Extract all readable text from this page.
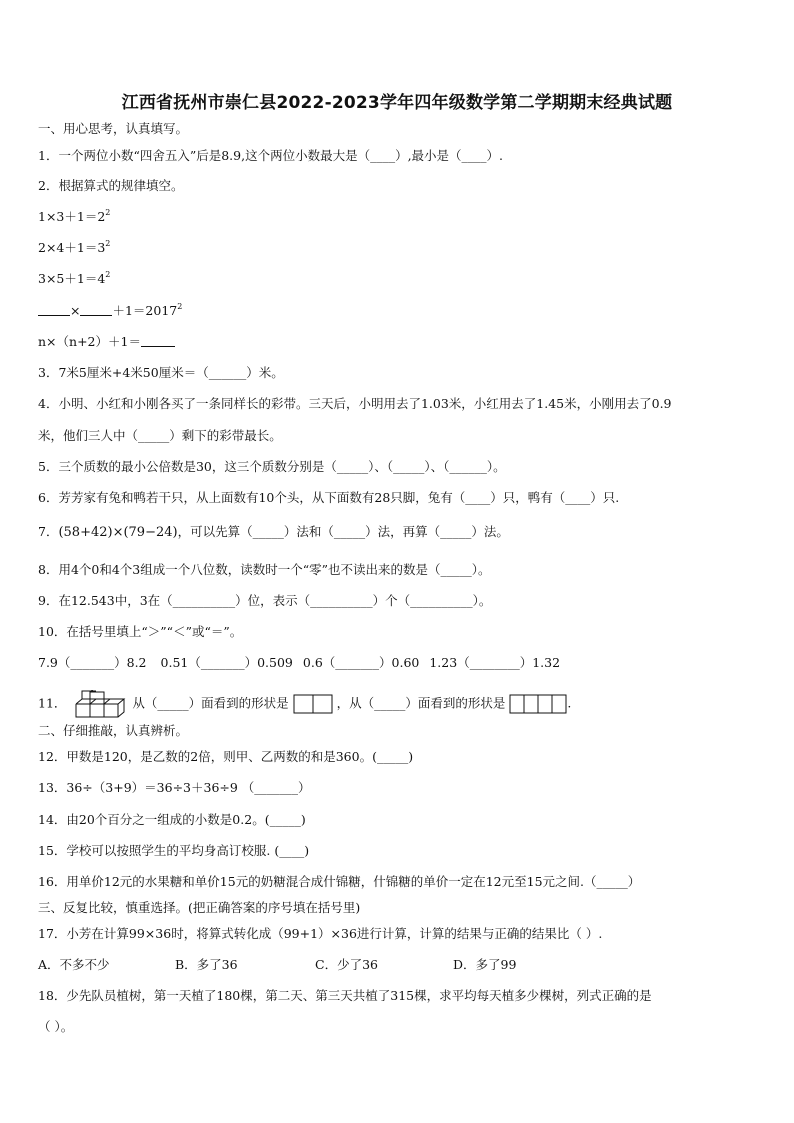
江西省抚州市崇仁县2022-2023学年四年级数学第二学期期末经典试题
一、用心思考，认真填写。
1．一个两位小数“四舍五入”后是8.9,这个两位小数最大是（____）,最小是（____）.
2．根据算式的规律填空。
$1\times 3+1=2^2$
$2\times 4+1=3^2$
$3\times 5+1=4^2$
×	$+1=2017^2$
n×（n+2）＋1＝
3．7米5厘米+4米50厘米＝（______）米。
4．小明、小红和小刚各买了一条同样长的彩带。三天后，小明用去了1.03米，小红用去了1.45米，小刚用去了0.9
米，他们三人中（_____）剩下的彩带最长。
5．三个质数的最小公倍数是30，这三个质数分别是（_____）、（_____）、（______）。
6．芳芳家有兔和鸭若干只，从上面数有10个头，从下面数有28只脚，兔有（____）只，鸭有（____）只.
7．(58+42)×(79−24)，可以先算（_____）法和（_____）法，再算（_____）法。
8．用4个0和4个3组成一个八位数，读数时一个“零”也不读出来的数是（_____）。
9．在12.543中，3在（__________）位，表示（__________）个（__________）。
10．在括号里填上“＞”“＜”或“＝”。
7.9（_______）8.2 0.51（_______）0.509 0.6（_______）0.60 1.23（________）1.32
11．	从（_____）面看到的形状是	，从（_____）面看到的形状是	.
二、仔细推敲，认真辨析。
12．甲数是120，是乙数的2倍，则甲、乙两数的和是360。(_____)
13．36÷（3+9）＝36÷3＋36÷9 （_______）
14．由20个百分之一组成的小数是0.2。(_____)
15．学校可以按照学生的平均身高订校服. (____)
16．用单价12元的水果糖和单价15元的奶糖混合成什锦糖，什锦糖的单价一定在12元至15元之间.（_____）
三、反复比较，慎重选择。(把正确答案的序号填在括号里)
17．小芳在计算99×36时，将算式转化成（99+1）×36进行计算，计算的结果与正确的结果比（ ）.
A．不多不少	B．多了36	C．少了36	D．多了99
18．少先队员植树，第一天植了180棵，第二天、第三天共植了315棵，求平均每天植多少棵树，列式正确的是
（ ）。
